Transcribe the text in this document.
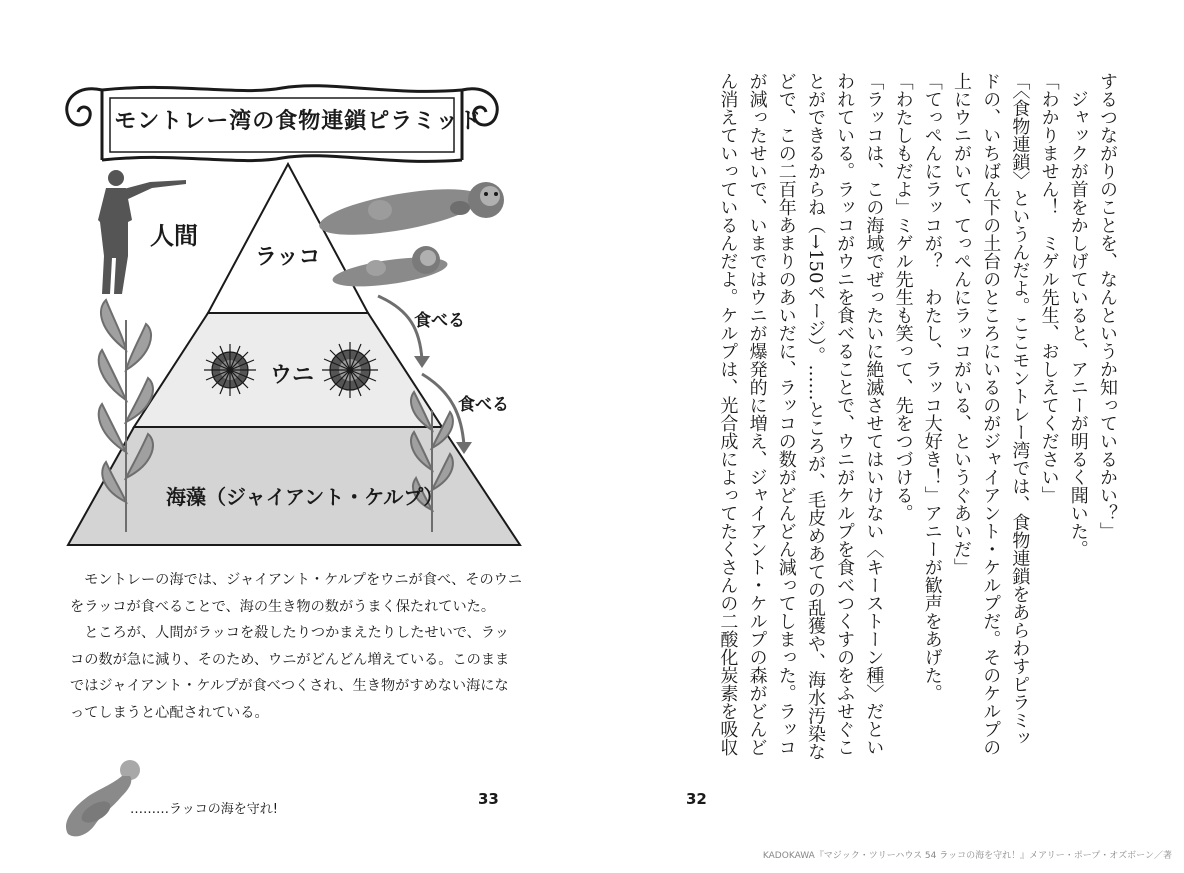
モントレー湾の食物連鎖ピラミッド
人間
ラッコ
ウニ
海藻（ジャイアント・ケルプ）
食べる
食べる

モントレーの海では、ジャイアント・ケルプをウニが食べ、そのウニをラッコが食べることで、海の生き物の数がうまく保たれていた。

ところが、人間がラッコを殺したりつかまえたりしたせいで、ラッコの数が急に減り、そのため、ウニがどんどん増えている。このままではジャイアント・ケルプが食べつくされ、生き物がすめない海になってしまうと心配されている。

………ラッコの海を守れ!
33

するつながりのことを、なんというか知っているかい？」

ジャックが首をかしげていると、アニーが明るく聞いた。

「わかりません！　ミゲル先生、おしえてください」

「〈食物連鎖〉というんだよ。ここモントレー湾では、食物連鎖をあらわすピラミッドの、いちばん下の土台のところにいるのがジャイアント・ケルプだ。そのケルプの上にウニがいて、てっぺんにラッコがいる、というぐあいだ」

「てっぺんにラッコが？　わたし、ラッコ大好き！」アニーが歓声をあげた。

「わたしもだよ」ミゲル先生も笑って、先をつづける。

「ラッコは、この海域でぜったいに絶滅させてはいけない〈キーストーン種〉だといわれている。ラッコがウニを食べることで、ウニがケルプを食べつくすのをふせぐことができるからね（→150ページ）。……ところが、毛皮めあての乱獲や、海水汚染などで、この二百年あまりのあいだに、ラッコの数がどんどん減ってしまった。ラッコが減ったせいで、いまではウニが爆発的に増え、ジャイアント・ケルプの森がどんどん消えていっているんだよ。ケルプは、光合成によってたくさんの二酸化炭素を吸収

32
KADOKAWA『マジック・ツリーハウス 54 ラッコの海を守れ！』メアリー・ポープ・オズボーン／著
